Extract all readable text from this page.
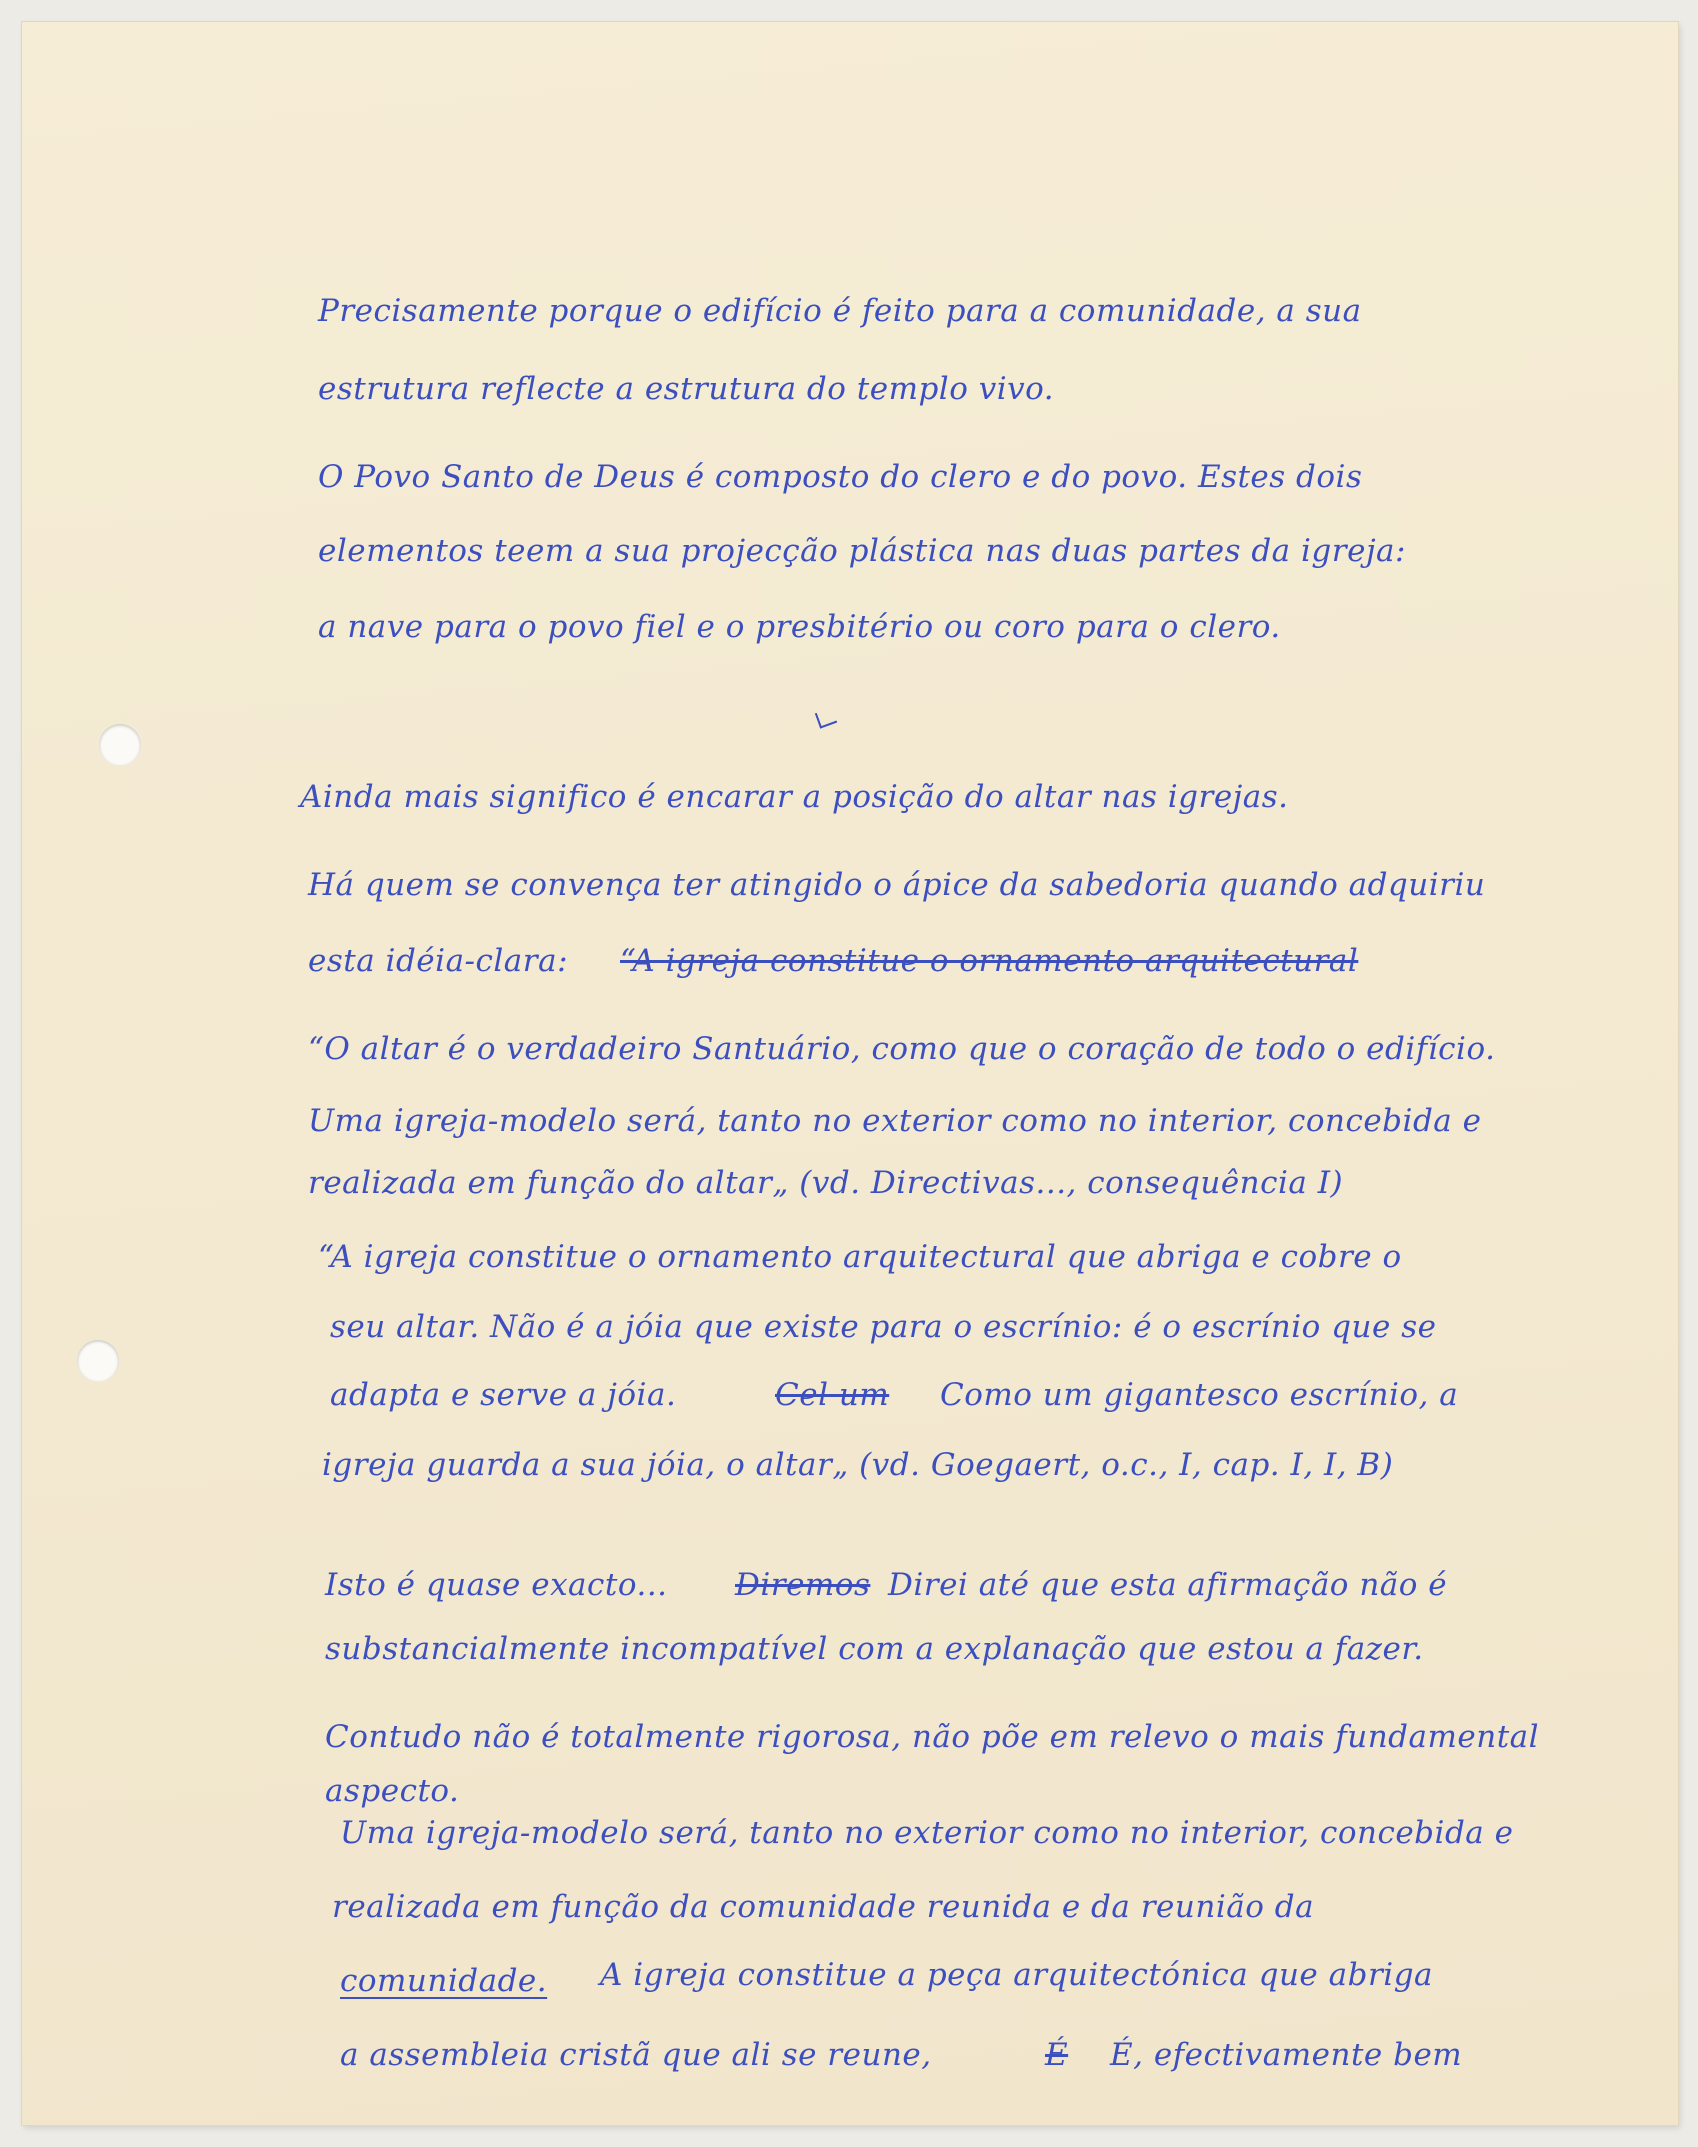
Precisamente porque o edifício é feito para a comunidade, a sua

estrutura reflecte a estrutura do templo vivo.

O Povo Santo de Deus é composto do clero e do povo. Estes dois

elementos teem a sua projecção plástica nas duas partes da igreja:

a nave para o povo fiel e o presbitério ou coro para o clero.

Ainda mais significo é encarar a posição do altar nas igrejas.

Há quem se convença ter atingido o ápice da sabedoria quando adquiriu

esta idéia-clara: “A igreja constitue o ornamento arquitectural

“O altar é o verdadeiro Santuário, como que o coração de todo o edifício.

Uma igreja-modelo será, tanto no exterior como no interior, concebida e

realizada em função do altar„ (vd. Directivas..., consequência I)

“A igreja constitue o ornamento arquitectural que abriga e cobre o

seu altar. Não é a jóia que existe para o escrínio: é o escrínio que se

adapta e serve a jóia.	Cel um Como um gigantesco escrínio, a

igreja guarda a sua jóia, o altar„ (vd. Goegaert, o.c., I, cap. I, I, B)

Isto é quase exacto... Diremos Direi até que esta afirmação não é

substancialmente incompatível com a explanação que estou a fazer.

Contudo não é totalmente rigorosa, não põe em relevo o mais fundamental

aspecto.

Uma igreja-modelo será, tanto no exterior como no interior, concebida e

realizada em função da comunidade reunida e da reunião da

comunidade. A igreja constitue a peça arquitectónica que abriga

a assembleia cristã que ali se reune,	É É, efectivamente bem
